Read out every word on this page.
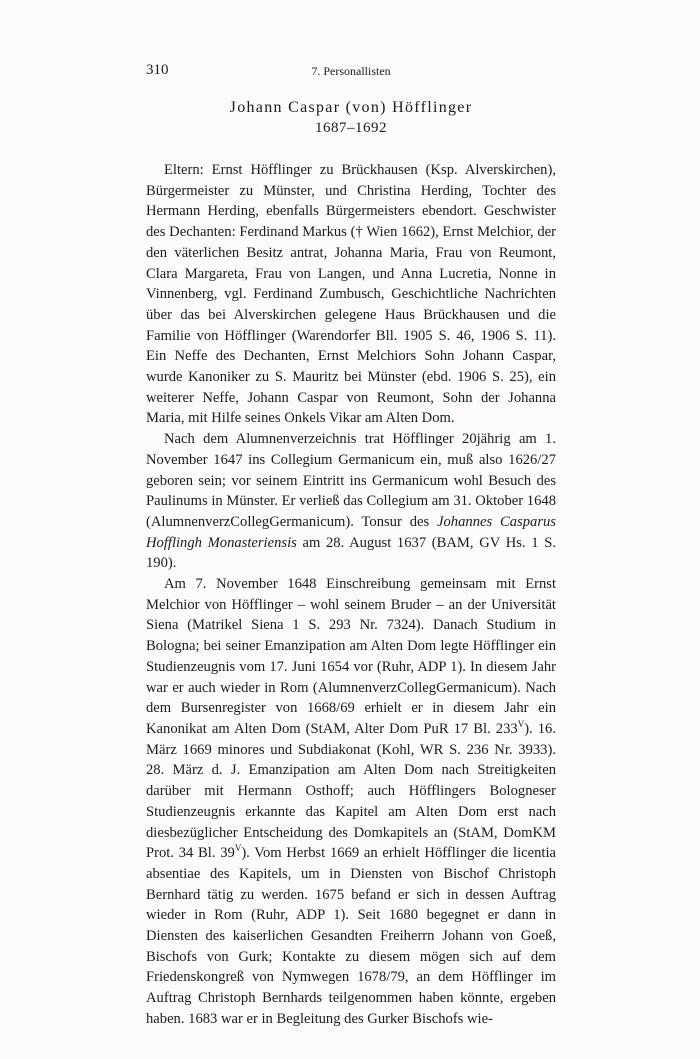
310	7. Personallisten
Johann Caspar (von) Höfflinger
1687–1692

Eltern: Ernst Höfflinger zu Brückhausen (Ksp. Alverskirchen), Bürgermeister zu Münster, und Christina Herding, Tochter des Hermann Herding, ebenfalls Bürgermeisters ebendort. Geschwister des Dechanten: Ferdinand Markus († Wien 1662), Ernst Melchior, der den väterlichen Besitz antrat, Johanna Maria, Frau von Reumont, Clara Margareta, Frau von Langen, und Anna Lucretia, Nonne in Vinnenberg, vgl. Ferdinand Zumbusch, Geschichtliche Nachrichten über das bei Alverskirchen gelegene Haus Brückhausen und die Familie von Höfflinger (Warendorfer Bll. 1905 S. 46, 1906 S. 11). Ein Neffe des Dechanten, Ernst Melchiors Sohn Johann Caspar, wurde Kanoniker zu S. Mauritz bei Münster (ebd. 1906 S. 25), ein weiterer Neffe, Johann Caspar von Reumont, Sohn der Johanna Maria, mit Hilfe seines Onkels Vikar am Alten Dom.

Nach dem Alumnenverzeichnis trat Höfflinger 20jährig am 1. November 1647 ins Collegium Germanicum ein, muß also 1626/27 geboren sein; vor seinem Eintritt ins Germanicum wohl Besuch des Paulinums in Münster. Er verließ das Collegium am 31. Oktober 1648 (AlumnenverzCollegGermanicum). Tonsur des Johannes Casparus Hofflingh Monasteriensis am 28. August 1637 (BAM, GV Hs. 1 S. 190).

Am 7. November 1648 Einschreibung gemeinsam mit Ernst Melchior von Höfflinger – wohl seinem Bruder – an der Universität Siena (Matrikel Siena 1 S. 293 Nr. 7324). Danach Studium in Bologna; bei seiner Emanzipation am Alten Dom legte Höfflinger ein Studienzeugnis vom 17. Juni 1654 vor (Ruhr, ADP 1). In diesem Jahr war er auch wieder in Rom (AlumnenverzCollegGermanicum). Nach dem Bursenregister von 1668/69 erhielt er in diesem Jahr ein Kanonikat am Alten Dom (StAM, Alter Dom PuR 17 Bl. $233^V$). 16. März 1669 minores und Subdiakonat (Kohl, WR S. 236 Nr. 3933). 28. März d. J. Emanzipation am Alten Dom nach Streitigkeiten darüber mit Hermann Osthoff; auch Höfflingers Bologneser Studienzeugnis erkannte das Kapitel am Alten Dom erst nach diesbezüglicher Entscheidung des Domkapitels an (StAM, DomKM Prot. 34 Bl. $39^V$). Vom Herbst 1669 an erhielt Höfflinger die licentia absentiae des Kapitels, um in Diensten von Bischof Christoph Bernhard tätig zu werden. 1675 befand er sich in dessen Auftrag wieder in Rom (Ruhr, ADP 1). Seit 1680 begegnet er dann in Diensten des kaiserlichen Gesandten Freiherrn Johann von Goeß, Bischofs von Gurk; Kontakte zu diesem mögen sich auf dem Friedenskongreß von Nymwegen 1678/79, an dem Höfflinger im Auftrag Christoph Bernhards teilgenommen haben könnte, ergeben haben. 1683 war er in Begleitung des Gurker Bischofs wie-
